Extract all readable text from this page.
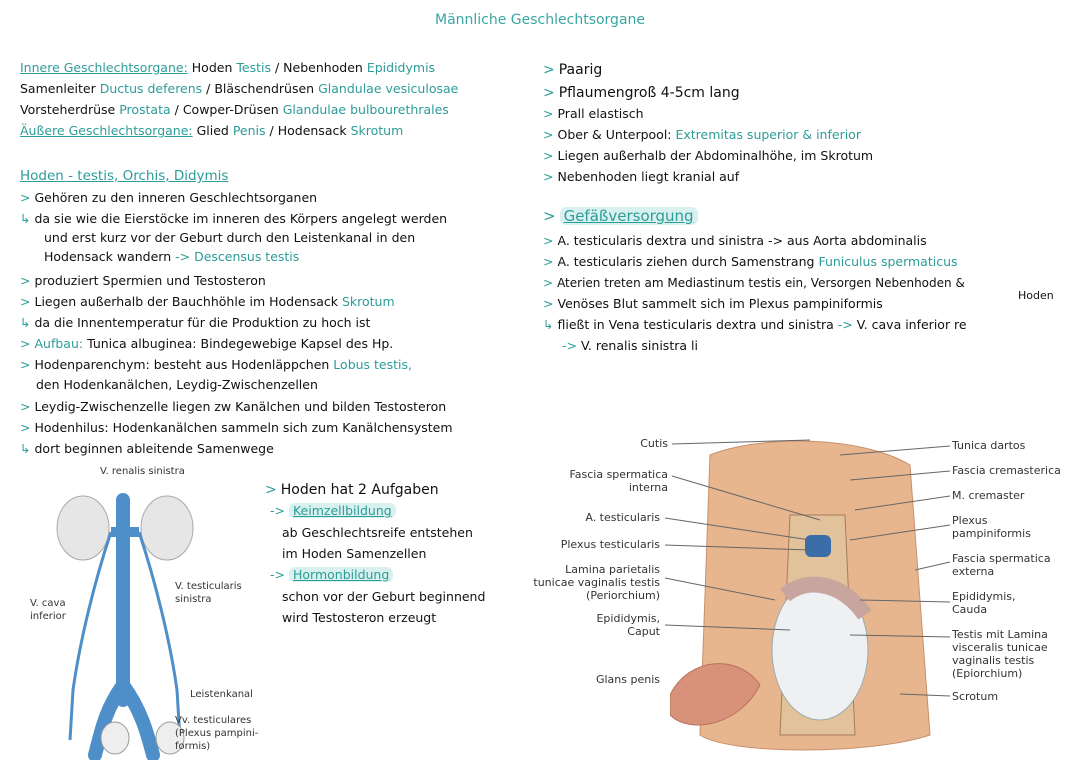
Männliche Geschlechtsorgane
Innere Geschlechtsorgane: Hoden Testis / Nebenhoden Epididymis
Samenleiter Ductus deferens / Bläschendrüsen Glandulae vesiculosae
Vorsteherdrüse Prostata / Cowper-Drüsen Glandulae bulbourethrales
Äußere Geschlechtsorgane: Glied Penis / Hodensack Skrotum
Hoden - testis, Orchis, Didymis
> Gehören zu den inneren Geschlechtsorganen
↳ da sie wie die Eierstöcke im inneren des Körpers angelegt werden
und erst kurz vor der Geburt durch den Leistenkanal in den
Hodensack wandern -> Descensus testis
> produziert Spermien und Testosteron
> Liegen außerhalb der Bauchhöhle im Hodensack Skrotum
↳ da die Innentemperatur für die Produktion zu hoch ist
> Aufbau: Tunica albuginea: Bindegewebige Kapsel des Hp.
> Hodenparenchym: besteht aus Hodenläppchen Lobus testis,
den Hodenkanälchen, Leydig-Zwischenzellen
> Leydig-Zwischenzelle liegen zw Kanälchen und bilden Testosteron
> Hodenhilus: Hodenkanälchen sammeln sich zum Kanälchensystem
↳ dort beginnen ableitende Samenwege
> Paarig
> Pflaumengroß 4-5cm lang
> Prall elastisch
> Ober & Unterpool: Extremitas superior & inferior
> Liegen außerhalb der Abdominalhöhe, im Skrotum
> Nebenhoden liegt kranial auf
> Gefäßversorgung
> A. testicularis dextra und sinistra -> aus Aorta abdominalis
> A. testicularis ziehen durch Samenstrang Funiculus spermaticus
> Aterien treten am Mediastinum testis ein, Versorgen Nebenhoden &
Hoden
> Venöses Blut sammelt sich im Plexus pampiniformis
↳ fließt in Vena testicularis dextra und sinistra -> V. cava inferior re
-> V. renalis sinistra li
> Hoden hat 2 Aufgaben
-> Keimzellbildung
ab Geschlechtsreife entstehen
im Hoden Samenzellen
-> Hormonbildung
schon vor der Geburt beginnend
wird Testosteron erzeugt
V. renalis sinistra
V. testicularis
sinistra
V. cava
inferior
Leistenkanal
Vv. testiculares
(Plexus pampini-
formis)
Cutis
Fascia spermatica
interna
A. testicularis
Plexus testicularis
Lamina parietalis
tunicae vaginalis testis
(Periorchium)
Epididymis,
Caput
Glans penis
Tunica dartos
Fascia cremasterica
M. cremaster
Plexus
pampiniformis
Fascia spermatica
externa
Epididymis,
Cauda
Testis mit Lamina
visceralis tunicae
vaginalis testis
(Epiorchium)
Scrotum
